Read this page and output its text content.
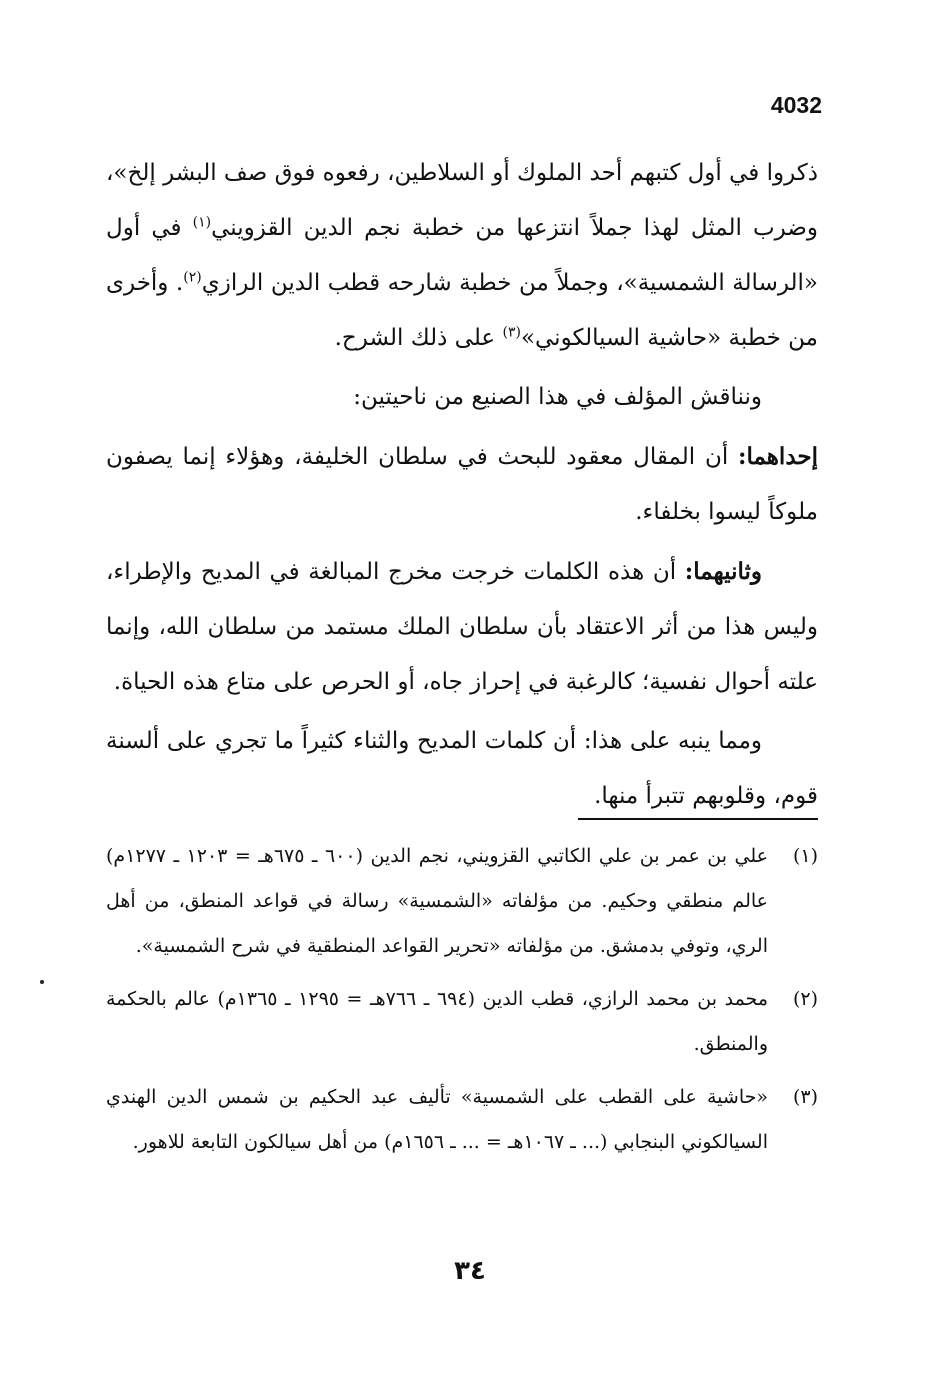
4032

ذكروا في أول كتبهم أحد الملوك أو السلاطين، رفعوه فوق صف البشر إلخ»، وضرب المثل لهذا جملاً انتزعها من خطبة نجم الدين القزويني$^{(١)}$ في أول «الرسالة الشمسية»، وجملاً من خطبة شارحه قطب الدين الرازي$^{(٢)}$. وأخرى من خطبة «حاشية السيالكوني»$^{(٣)}$ على ذلك الشرح.

ونناقش المؤلف في هذا الصنيع من ناحيتين:

إحداهما: أن المقال معقود للبحث في سلطان الخليفة، وهؤلاء إنما يصفون ملوكاً ليسوا بخلفاء.

وثانيهما: أن هذه الكلمات خرجت مخرج المبالغة في المديح والإطراء، وليس هذا من أثر الاعتقاد بأن سلطان الملك مستمد من سلطان الله، وإنما علته أحوال نفسية؛ كالرغبة في إحراز جاه، أو الحرص على متاع هذه الحياة.

ومما ينبه على هذا: أن كلمات المديح والثناء كثيراً ما تجري على ألسنة قوم، وقلوبهم تتبرأ منها.

(١)
علي بن عمر بن علي الكاتبي القزويني، نجم الدين (٦٠٠ ـ ٦٧٥هـ = ١٢٠٣ ـ ١٢٧٧م) عالم منطقي وحكيم. من مؤلفاته «الشمسية» رسالة في قواعد المنطق، من أهل الري، وتوفي بدمشق. من مؤلفاته «تحرير القواعد المنطقية في شرح الشمسية».
(٢)
محمد بن محمد الرازي، قطب الدين (٦٩٤ ـ ٧٦٦هـ = ١٢٩٥ ـ ١٣٦٥م) عالم بالحكمة والمنطق.
(٣)
«حاشية على القطب على الشمسية» تأليف عبد الحكيم بن شمس الدين الهندي السيالكوني البنجابي (... ـ ١٠٦٧هـ = ... ـ ١٦٥٦م) من أهل سيالكون التابعة للاهور.
٣٤
